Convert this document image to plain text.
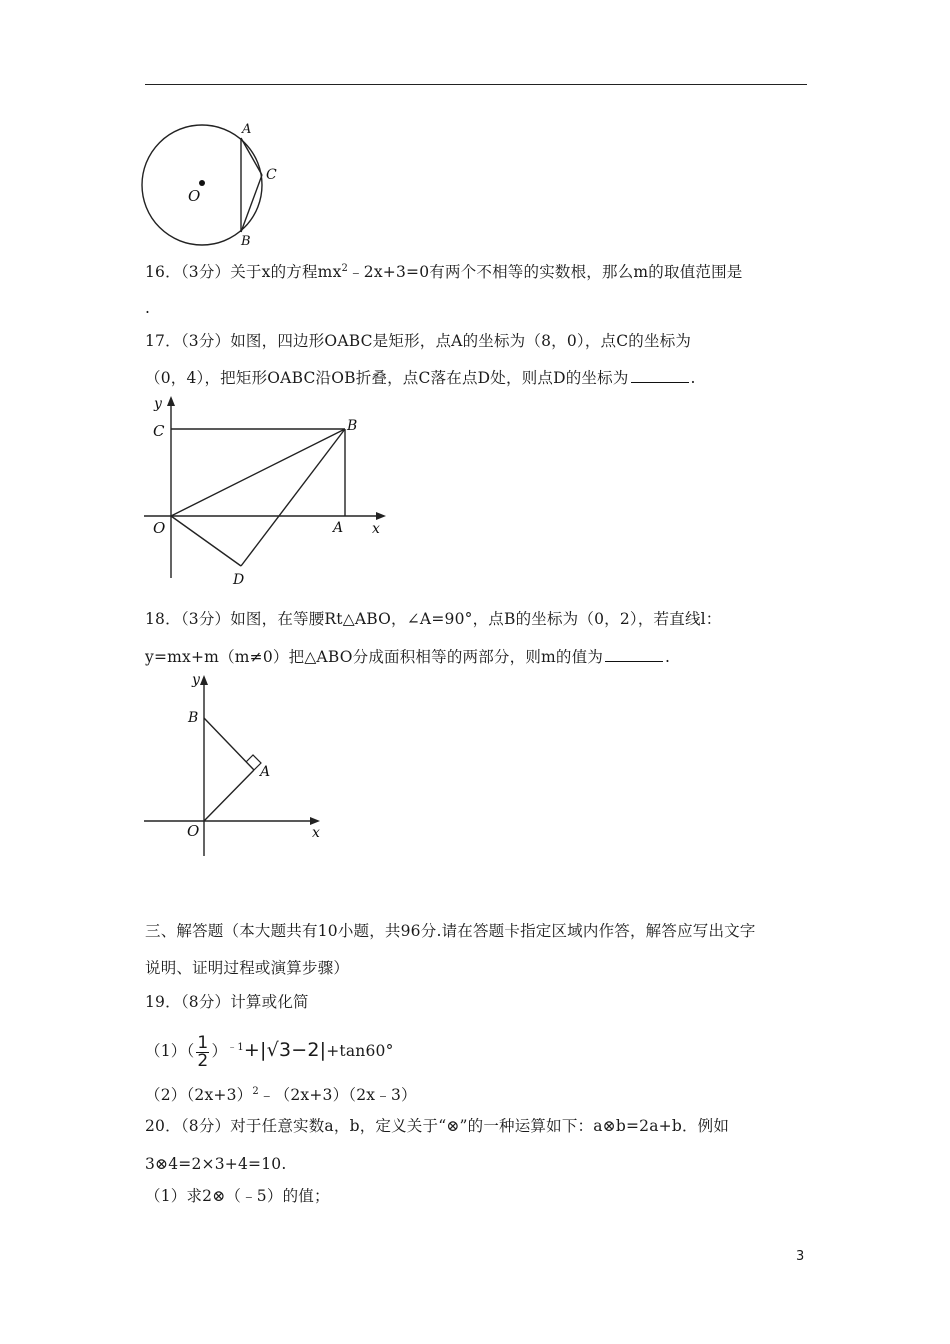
A
C
O
B
16．（3分）关于x的方程$mx^2﹣2x+3=0$有两个不相等的实数根，那么m的取值范围是
.
17．（3分）如图，四边形OABC是矩形，点A的坐标为（8，0），点C的坐标为
（0，4），把矩形OABC沿OB折叠，点C落在点D处，则点D的坐标为	.
y
C	B
O	A x
D
18．（3分）如图，在等腰Rt△ABO，∠A=90°，点B的坐标为（0，2），若直线l：
y=mx+m（m≠0）把△ABO分成面积相等的两部分，则m的值为	.
y
B
A
O	x
三、解答题（本大题共有10小题，共96分.请在答题卡指定区域内作答，解答应写出文字
说明、证明过程或演算步骤）
19．（8分）计算或化简
$(1)( \frac{1}{2} )^{﹣1}+|√3-2|+\tan 60^\circ$
$(2)(2x+3)^2﹣(2x+3)(2x﹣3)$
20．（8分）对于任意实数a，b，定义关于“⊗”的一种运算如下：a⊗b=2a+b．例如
3⊗4=2×3+4=10.
（1）求2⊗（﹣5）的值；
3
